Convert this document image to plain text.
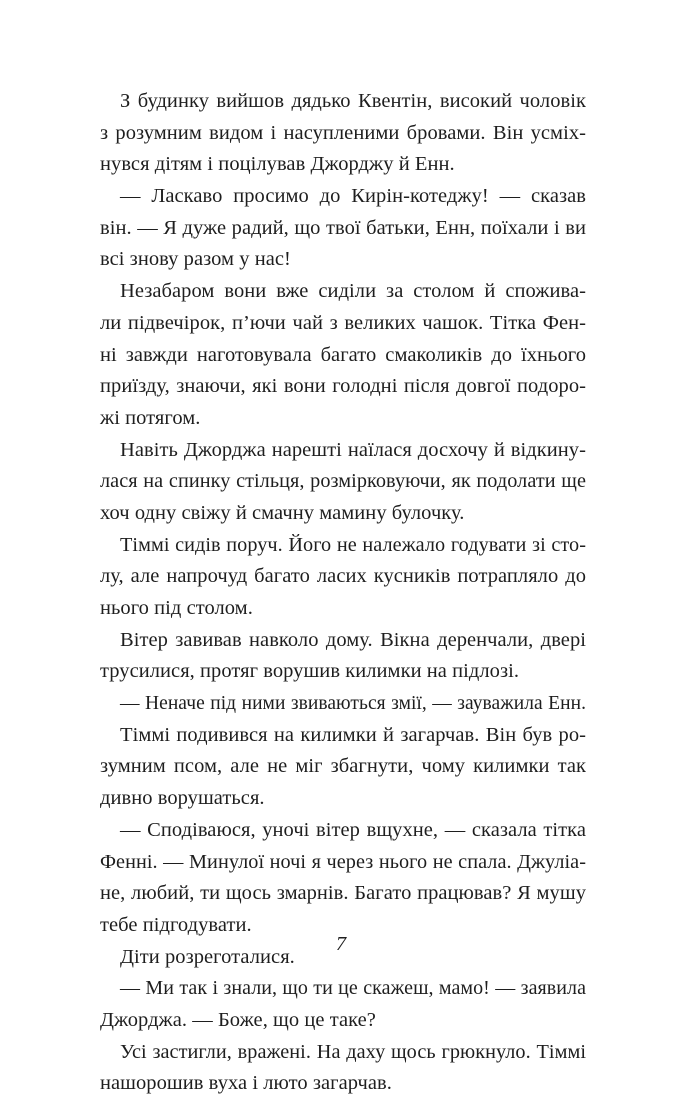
З будинку вийшов дядько Квентін, високий чоловік
з розумним видом і насупленими бровами. Він усміх-
нувся дітям і поцілував Джорджу й Енн.
— Ласкаво просимо до Кирін-котеджу! — сказав
він. — Я дуже радий, що твої батьки, Енн, поїхали і ви
всі знову разом у нас!
Незабаром вони вже сиділи за столом й спожива-
ли підвечірок, п’ючи чай з великих чашок. Тітка Фен-
ні завжди наготовувала багато смаколиків до їхнього
приїзду, знаючи, які вони голодні після довгої подоро-
жі потягом.
Навіть Джорджа нарешті наїлася досхочу й відкину-
лася на спинку стільця, розмірковуючи, як подолати ще
хоч одну свіжу й смачну мамину булочку.
Тіммі сидів поруч. Його не належало годувати зі сто-
лу, але напрочуд багато ласих кусників потрапляло до
нього під столом.
Вітер завивав навколо дому. Вікна деренчали, двері
трусилися, протяг ворушив килимки на підлозі.
— Неначе під ними звиваються змії, — зауважила Енн.
Тіммі подивився на килимки й загарчав. Він був ро-
зумним псом, але не міг збагнути, чому килимки так
дивно ворушаться.
— Сподіваюся, уночі вітер вщухне, — сказала тітка
Фенні. — Минулої ночі я через нього не спала. Джуліа-
не, любий, ти щось змарнів. Багато працював? Я мушу
тебе підгодувати.
Діти розреготалися.
— Ми так і знали, що ти це скажеш, мамо! — заявила
Джорджа. — Боже, що це таке?
Усі застигли, вражені. На даху щось грюкнуло. Тіммі
нашорошив вуха і люто загарчав.
7
